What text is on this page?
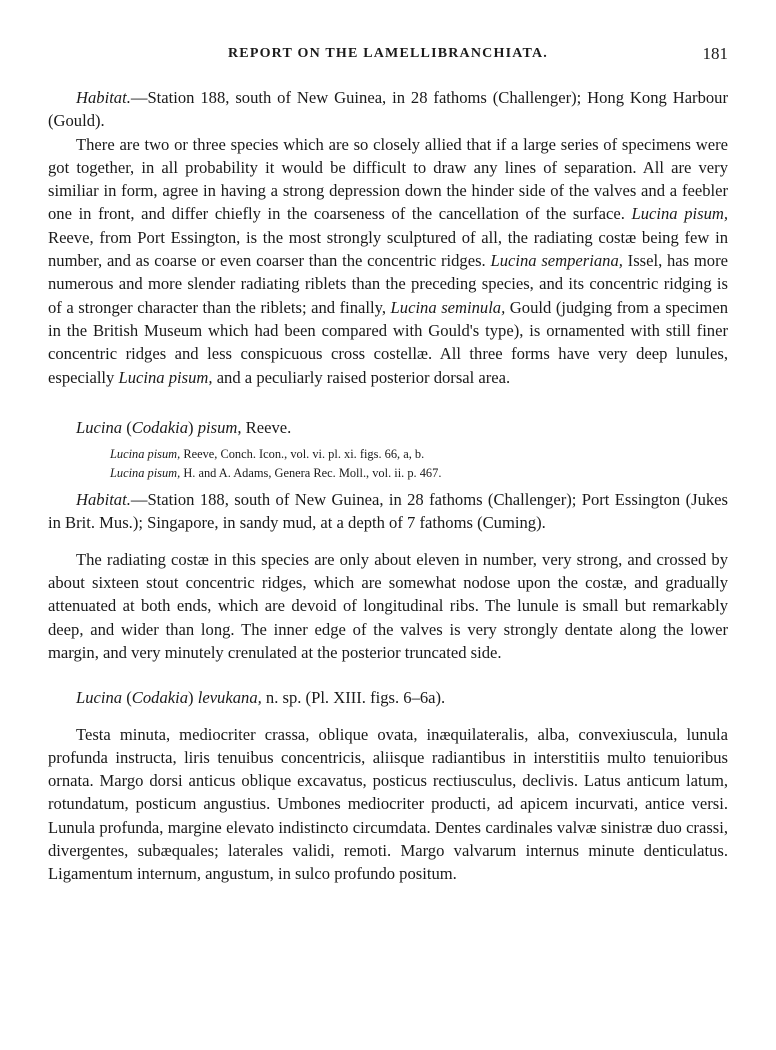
REPORT ON THE LAMELLIBRANCHIATA.	181

Habitat.—Station 188, south of New Guinea, in 28 fathoms (Challenger); Hong Kong Harbour (Gould).

There are two or three species which are so closely allied that if a large series of specimens were got together, in all probability it would be difficult to draw any lines of separation. All are very similiar in form, agree in having a strong depression down the hinder side of the valves and a feebler one in front, and differ chiefly in the coarseness of the cancellation of the surface. Lucina pisum, Reeve, from Port Essington, is the most strongly sculptured of all, the radiating costæ being few in number, and as coarse or even coarser than the concentric ridges. Lucina semperiana, Issel, has more numerous and more slender radiating riblets than the preceding species, and its concentric ridging is of a stronger character than the riblets; and finally, Lucina seminula, Gould (judging from a specimen in the British Museum which had been compared with Gould's type), is ornamented with still finer concentric ridges and less conspicuous cross costellæ. All three forms have very deep lunules, especially Lucina pisum, and a peculiarly raised posterior dorsal area.

Lucina (Codakia) pisum, Reeve.

Lucina pisum, Reeve, Conch. Icon., vol. vi. pl. xi. figs. 66, a, b.
Lucina pisum, H. and A. Adams, Genera Rec. Moll., vol. ii. p. 467.

Habitat.—Station 188, south of New Guinea, in 28 fathoms (Challenger); Port Essington (Jukes in Brit. Mus.); Singapore, in sandy mud, at a depth of 7 fathoms (Cuming).

The radiating costæ in this species are only about eleven in number, very strong, and crossed by about sixteen stout concentric ridges, which are somewhat nodose upon the costæ, and gradually attenuated at both ends, which are devoid of longitudinal ribs. The lunule is small but remarkably deep, and wider than long. The inner edge of the valves is very strongly dentate along the lower margin, and very minutely crenulated at the posterior truncated side.

Lucina (Codakia) levukana, n. sp. (Pl. XIII. figs. 6–6a).

Testa minuta, mediocriter crassa, oblique ovata, inæquilateralis, alba, convexiuscula, lunula profunda instructa, liris tenuibus concentricis, aliisque radiantibus in interstitiis multo tenuioribus ornata. Margo dorsi anticus oblique excavatus, posticus rectiusculus, declivis. Latus anticum latum, rotundatum, posticum angustius. Umbones mediocriter producti, ad apicem incurvati, antice versi. Lunula profunda, margine elevato indistincto circumdata. Dentes cardinales valvæ sinistræ duo crassi, divergentes, subæquales; laterales validi, remoti. Margo valvarum internus minute denticulatus. Ligamentum internum, angustum, in sulco profundo positum.
